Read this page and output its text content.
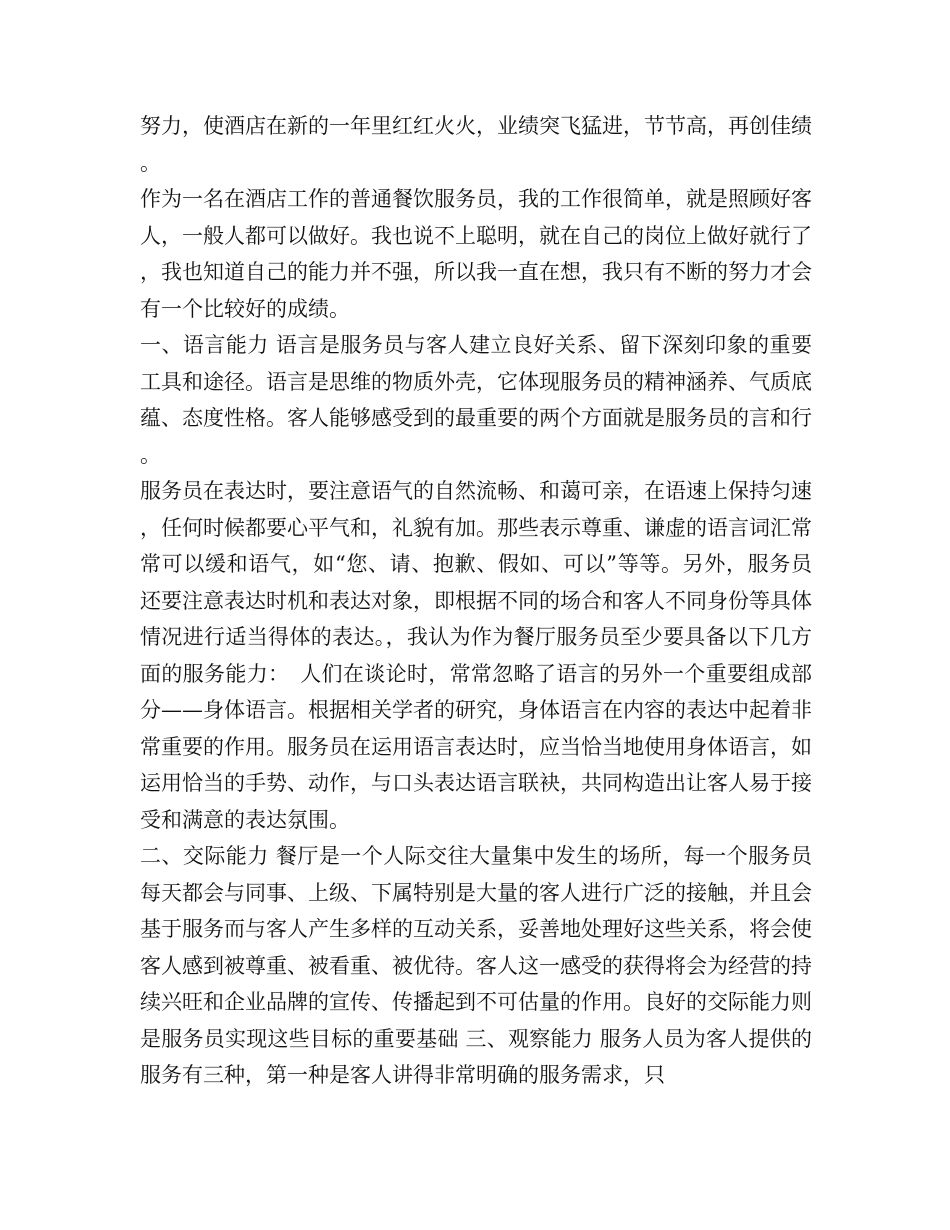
努力，使酒店在新的一年里红红火火，业绩突飞猛进，节节高，再创佳绩。

作为一名在酒店工作的普通餐饮服务员，我的工作很简单，就是照顾好客人，一般人都可以做好。我也说不上聪明，就在自己的岗位上做好就行了，我也知道自己的能力并不强，所以我一直在想，我只有不断的努力才会有一个比较好的成绩。

一、语言能力 语言是服务员与客人建立良好关系、留下深刻印象的重要工具和途径。语言是思维的物质外壳，它体现服务员的精神涵养、气质底蕴、态度性格。客人能够感受到的最重要的两个方面就是服务员的言和行。

服务员在表达时，要注意语气的自然流畅、和蔼可亲，在语速上保持匀速，任何时候都要心平气和，礼貌有加。那些表示尊重、谦虚的语言词汇常常可以缓和语气，如“您、请、抱歉、假如、可以”等等。另外，服务员还要注意表达时机和表达对象，即根据不同的场合和客人不同身份等具体情况进行适当得体的表达。，我认为作为餐厅服务员至少要具备以下几方面的服务能力：　人们在谈论时，常常忽略了语言的另外一个重要组成部分——身体语言。根据相关学者的研究，身体语言在内容的表达中起着非常重要的作用。服务员在运用语言表达时，应当恰当地使用身体语言，如运用恰当的手势、动作，与口头表达语言联袂，共同构造出让客人易于接受和满意的表达氛围。

二、交际能力 餐厅是一个人际交往大量集中发生的场所，每一个服务员每天都会与同事、上级、下属特别是大量的客人进行广泛的接触，并且会基于服务而与客人产生多样的互动关系，妥善地处理好这些关系，将会使客人感到被尊重、被看重、被优待。客人这一感受的获得将会为经营的持续兴旺和企业品牌的宣传、传播起到不可估量的作用。良好的交际能力则是服务员实现这些目标的重要基础 三、观察能力 服务人员为客人提供的服务有三种，第一种是客人讲得非常明确的服务需求，只
